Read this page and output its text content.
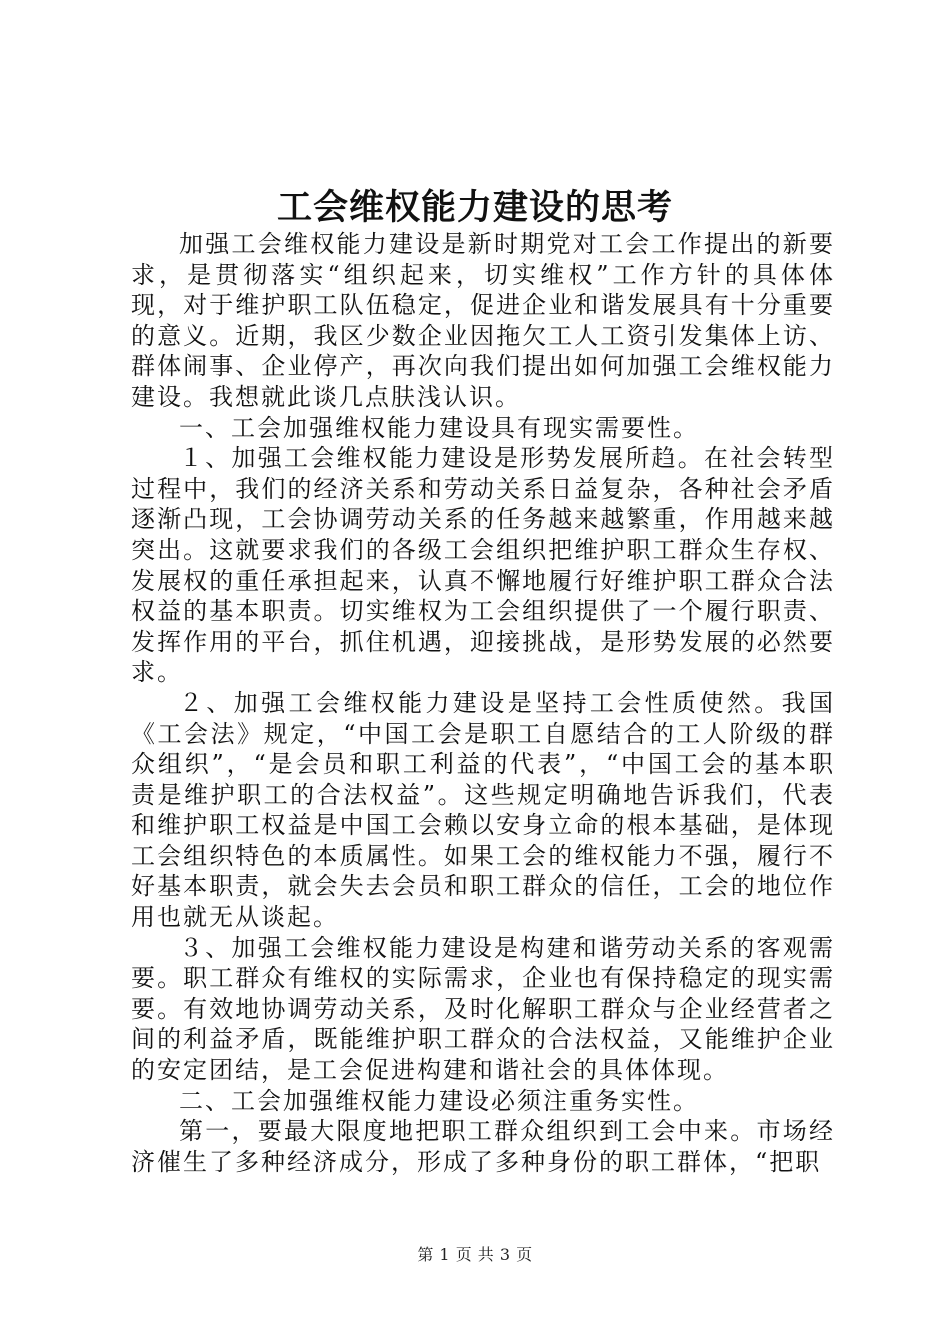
工会维权能力建设的思考

加强工会维权能力建设是新时期党对工会工作提出的新要求，是贯彻落实“组织起来，切实维权”工作方针的具体体现，对于维护职工队伍稳定，促进企业和谐发展具有十分重要的意义。近期，我区少数企业因拖欠工人工资引发集体上访、群体闹事、企业停产，再次向我们提出如何加强工会维权能力建设。我想就此谈几点肤浅认识。

一、工会加强维权能力建设具有现实需要性。

１、加强工会维权能力建设是形势发展所趋。在社会转型过程中，我们的经济关系和劳动关系日益复杂，各种社会矛盾逐渐凸现，工会协调劳动关系的任务越来越繁重，作用越来越突出。这就要求我们的各级工会组织把维护职工群众生存权、发展权的重任承担起来，认真不懈地履行好维护职工群众合法权益的基本职责。切实维权为工会组织提供了一个履行职责、发挥作用的平台，抓住机遇，迎接挑战，是形势发展的必然要求。

２、加强工会维权能力建设是坚持工会性质使然。我国《工会法》规定，“中国工会是职工自愿结合的工人阶级的群众组织”，“是会员和职工利益的代表”，“中国工会的基本职责是维护职工的合法权益”。这些规定明确地告诉我们，代表和维护职工权益是中国工会赖以安身立命的根本基础，是体现工会组织特色的本质属性。如果工会的维权能力不强，履行不好基本职责，就会失去会员和职工群众的信任，工会的地位作用也就无从谈起。

３、加强工会维权能力建设是构建和谐劳动关系的客观需要。职工群众有维权的实际需求，企业也有保持稳定的现实需要。有效地协调劳动关系，及时化解职工群众与企业经营者之间的利益矛盾，既能维护职工群众的合法权益，又能维护企业的安定团结，是工会促进构建和谐社会的具体体现。

二、工会加强维权能力建设必须注重务实性。

第一，要最大限度地把职工群众组织到工会中来。市场经济催生了多种经济成分，形成了多种身份的职工群体，“把职

第 1 页 共 3 页
